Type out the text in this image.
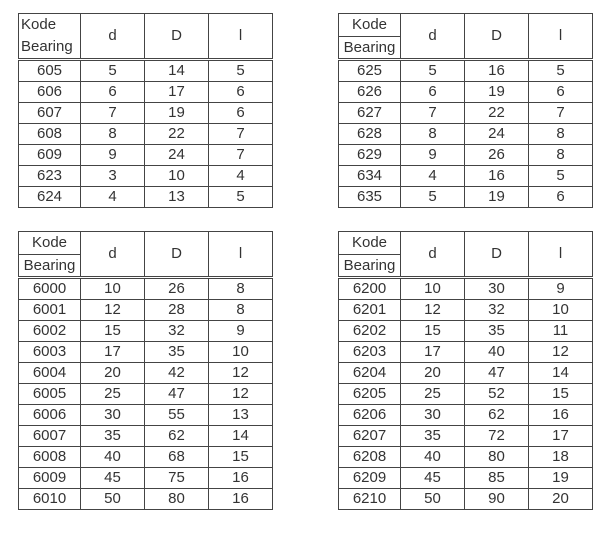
Kode
Bearing	d	D	l
605	5	14	5
606	6	17	6
607	7	19	6
608	8	22	7
609	9	24	7
623	3	10	4
624	4	13	5
Kode
Bearing	d	D	l
625	5	16	5
626	6	19	6
627	7	22	7
628	8	24	8
629	9	26	8
634	4	16	5
635	5	19	6
Kode
Bearing	d	D	l
6000	10	26	8
6001	12	28	8
6002	15	32	9
6003	17	35	10
6004	20	42	12
6005	25	47	12
6006	30	55	13
6007	35	62	14
6008	40	68	15
6009	45	75	16
6010	50	80	16
Kode
Bearing	d	D	l
6200	10	30	9
6201	12	32	10
6202	15	35	11
6203	17	40	12
6204	20	47	14
6205	25	52	15
6206	30	62	16
6207	35	72	17
6208	40	80	18
6209	45	85	19
6210	50	90	20
